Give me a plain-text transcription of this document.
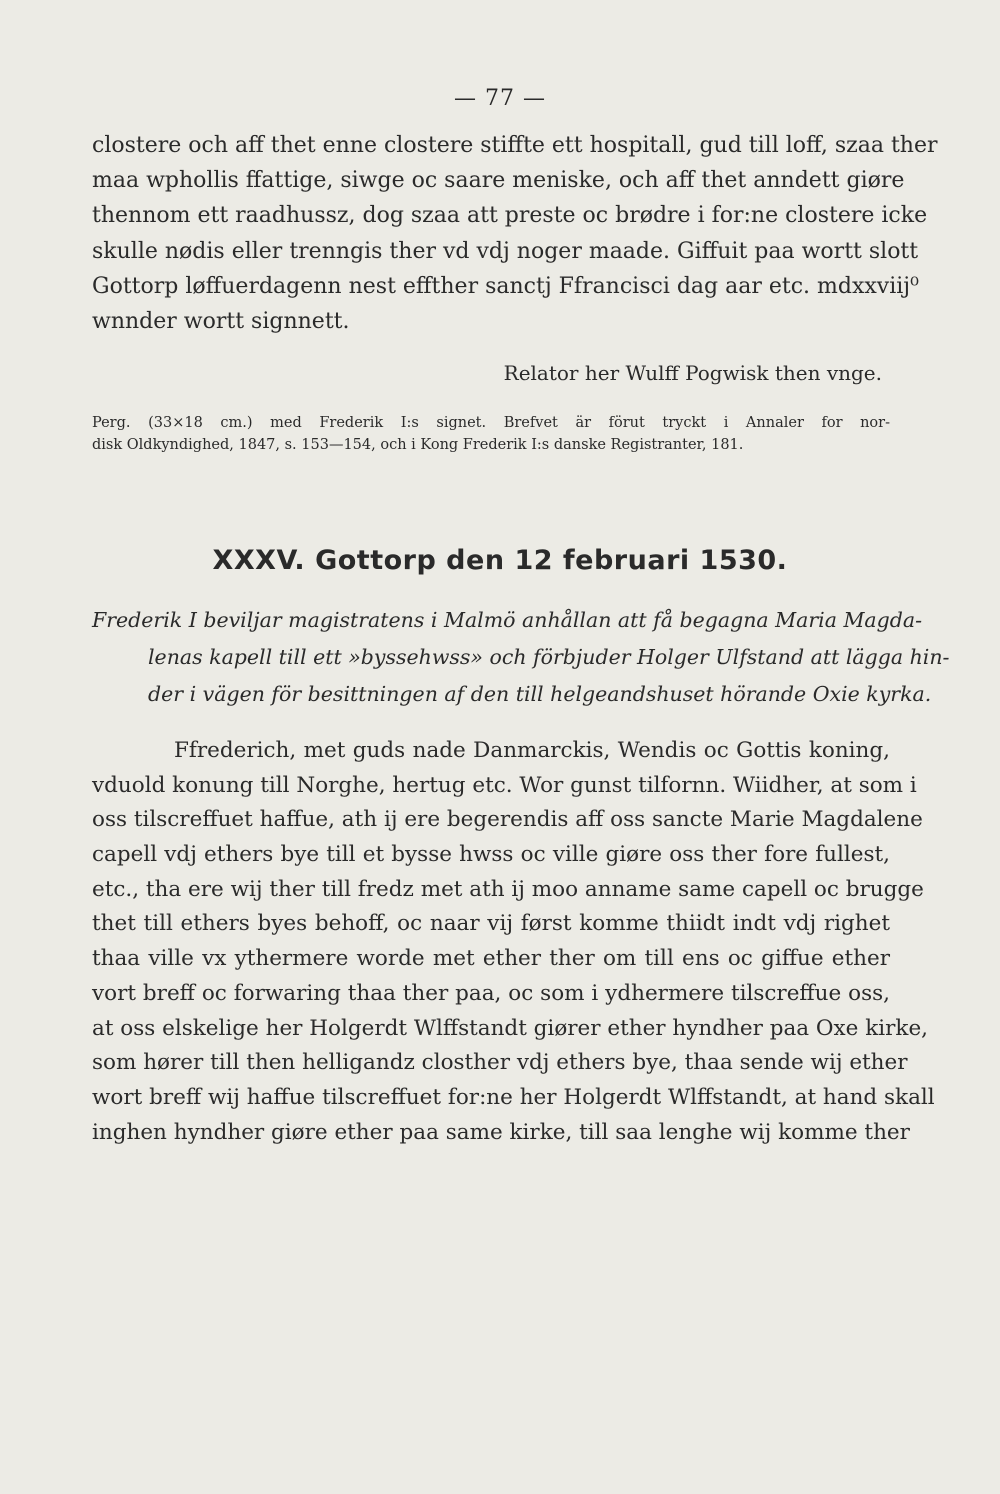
— 77 —
clostere och aff thet enne clostere stiffte ett hospitall, gud till loff, szaa ther
maa wphollis ffattige, siwge oc saare meniske, och aff thet anndett giøre
thennom ett raadhussz, dog szaa att preste oc brødre i for:ne clostere icke
skulle nødis eller trenngis ther vd vdj noger maade. Giffuit paa wortt slott
Gottorp løffuerdagenn nest effther sanctj Ffrancisci dag aar etc. mdxxviij⁰
wnnder wortt signnett.
Relator her Wulff Pogwisk then vnge.
Perg. (33×18 cm.) med Frederik I:s signet. Brefvet är förut tryckt i Annaler for nor-
disk Oldkyndighed, 1847, s. 153—154, och i Kong Frederik I:s danske Registranter, 181.
XXXV. Gottorp den 12 februari 1530.
Frederik I beviljar magistratens i Malmö anhållan att få begagna Maria Magda-
lenas kapell till ett »byssehwss» och förbjuder Holger Ulfstand att lägga hin-
der i vägen för besittningen af den till helgeandshuset hörande Oxie kyrka.
Ffrederich, met guds nade Danmarckis, Wendis oc Gottis koning,
vduold konung till Norghe, hertug etc. Wor gunst tilfornn. Wiidher, at som i
oss tilscreffuet haffue, ath ij ere begerendis aff oss sancte Marie Magdalene
capell vdj ethers bye till et bysse hwss oc ville giøre oss ther fore fullest,
etc., tha ere wij ther till fredz met ath ij moo anname same capell oc brugge
thet till ethers byes behoff, oc naar vij først komme thiidt indt vdj righet
thaa ville vx ythermere worde met ether ther om till ens oc giffue ether
vort breff oc forwaring thaa ther paa, oc som i ydhermere tilscreffue oss,
at oss elskelige her Holgerdt Wlffstandt giører ether hyndher paa Oxe kirke,
som hører till then helligandz closther vdj ethers bye, thaa sende wij ether
wort breff wij haffue tilscreffuet for:ne her Holgerdt Wlffstandt, at hand skall
inghen hyndher giøre ether paa same kirke, till saa lenghe wij komme ther
